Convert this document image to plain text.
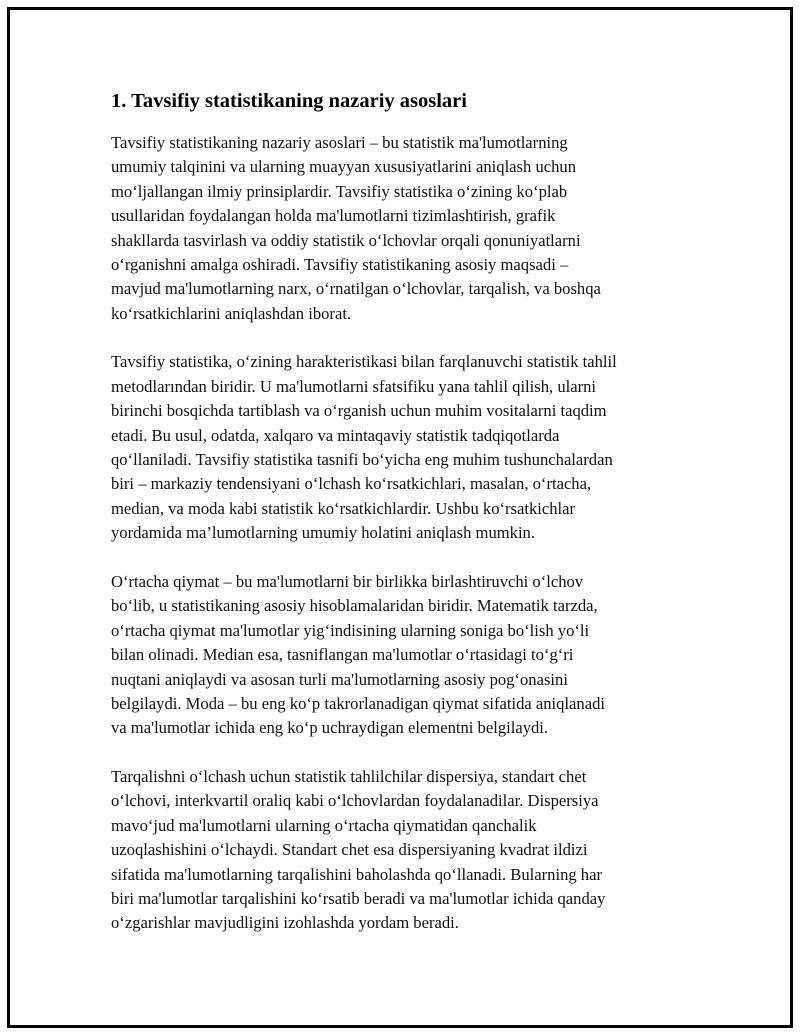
1. Tavsifiy statistikaning nazariy asoslari

Tavsifiy statistikaning nazariy asoslari – bu statistik ma'lumotlarning
umumiy talqinini va ularning muayyan xususiyatlarini aniqlash uchun
mo‘ljallangan ilmiy prinsiplardir. Tavsifiy statistika o‘zining ko‘plab
usullaridan foydalangan holda ma'lumotlarni tizimlashtirish, grafik
shakllarda tasvirlash va oddiy statistik o‘lchovlar orqali qonuniyatlarni
o‘rganishni amalga oshiradi. Tavsifiy statistikaning asosiy maqsadi –
mavjud ma'lumotlarning narx, o‘rnatilgan o‘lchovlar, tarqalish, va boshqa
ko‘rsatkichlarini aniqlashdan iborat.

Tavsifiy statistika, o‘zining harakteristikasi bilan farqlanuvchi statistik tahlil
metodlarından biridir. U ma'lumotlarni sfatsifiku yana tahlil qilish, ularni
birinchi bosqichda tartiblash va o‘rganish uchun muhim vositalarni taqdim
etadi. Bu usul, odatda, xalqaro va mintaqaviy statistik tadqiqotlarda
qo‘llaniladi. Tavsifiy statistika tasnifi bo‘yicha eng muhim tushunchalardan
biri – markaziy tendensiyani o‘lchash ko‘rsatkichlari, masalan, o‘rtacha,
median, va moda kabi statistik ko‘rsatkichlardir. Ushbu ko‘rsatkichlar
yordamida ma’lumotlarning umumiy holatini aniqlash mumkin.

O‘rtacha qiymat – bu ma'lumotlarni bir birlikka birlashtiruvchi o‘lchov
bo‘lib, u statistikaning asosiy hisoblamalaridan biridir. Matematik tarzda,
o‘rtacha qiymat ma'lumotlar yig‘indisining ularning soniga bo‘lish yo‘li
bilan olinadi. Median esa, tasniflangan ma'lumotlar o‘rtasidagi to‘g‘ri
nuqtani aniqlaydi va asosan turli ma'lumotlarning asosiy pog‘onasini
belgilaydi. Moda – bu eng ko‘p takrorlanadigan qiymat sifatida aniqlanadi
va ma'lumotlar ichida eng ko‘p uchraydigan elementni belgilaydi.

Tarqalishni o‘lchash uchun statistik tahlilchilar dispersiya, standart chet
o‘lchovi, interkvartil oraliq kabi o‘lchovlardan foydalanadilar. Dispersiya
mavo‘jud ma'lumotlarni ularning o‘rtacha qiymatidan qanchalik
uzoqlashishini o‘lchaydi. Standart chet esa dispersiyaning kvadrat ildizi
sifatida ma'lumotlarning tarqalishini baholashda qo‘llanadi. Bularning har
biri ma'lumotlar tarqalishini ko‘rsatib beradi va ma'lumotlar ichida qanday
o‘zgarishlar mavjudligini izohlashda yordam beradi.
